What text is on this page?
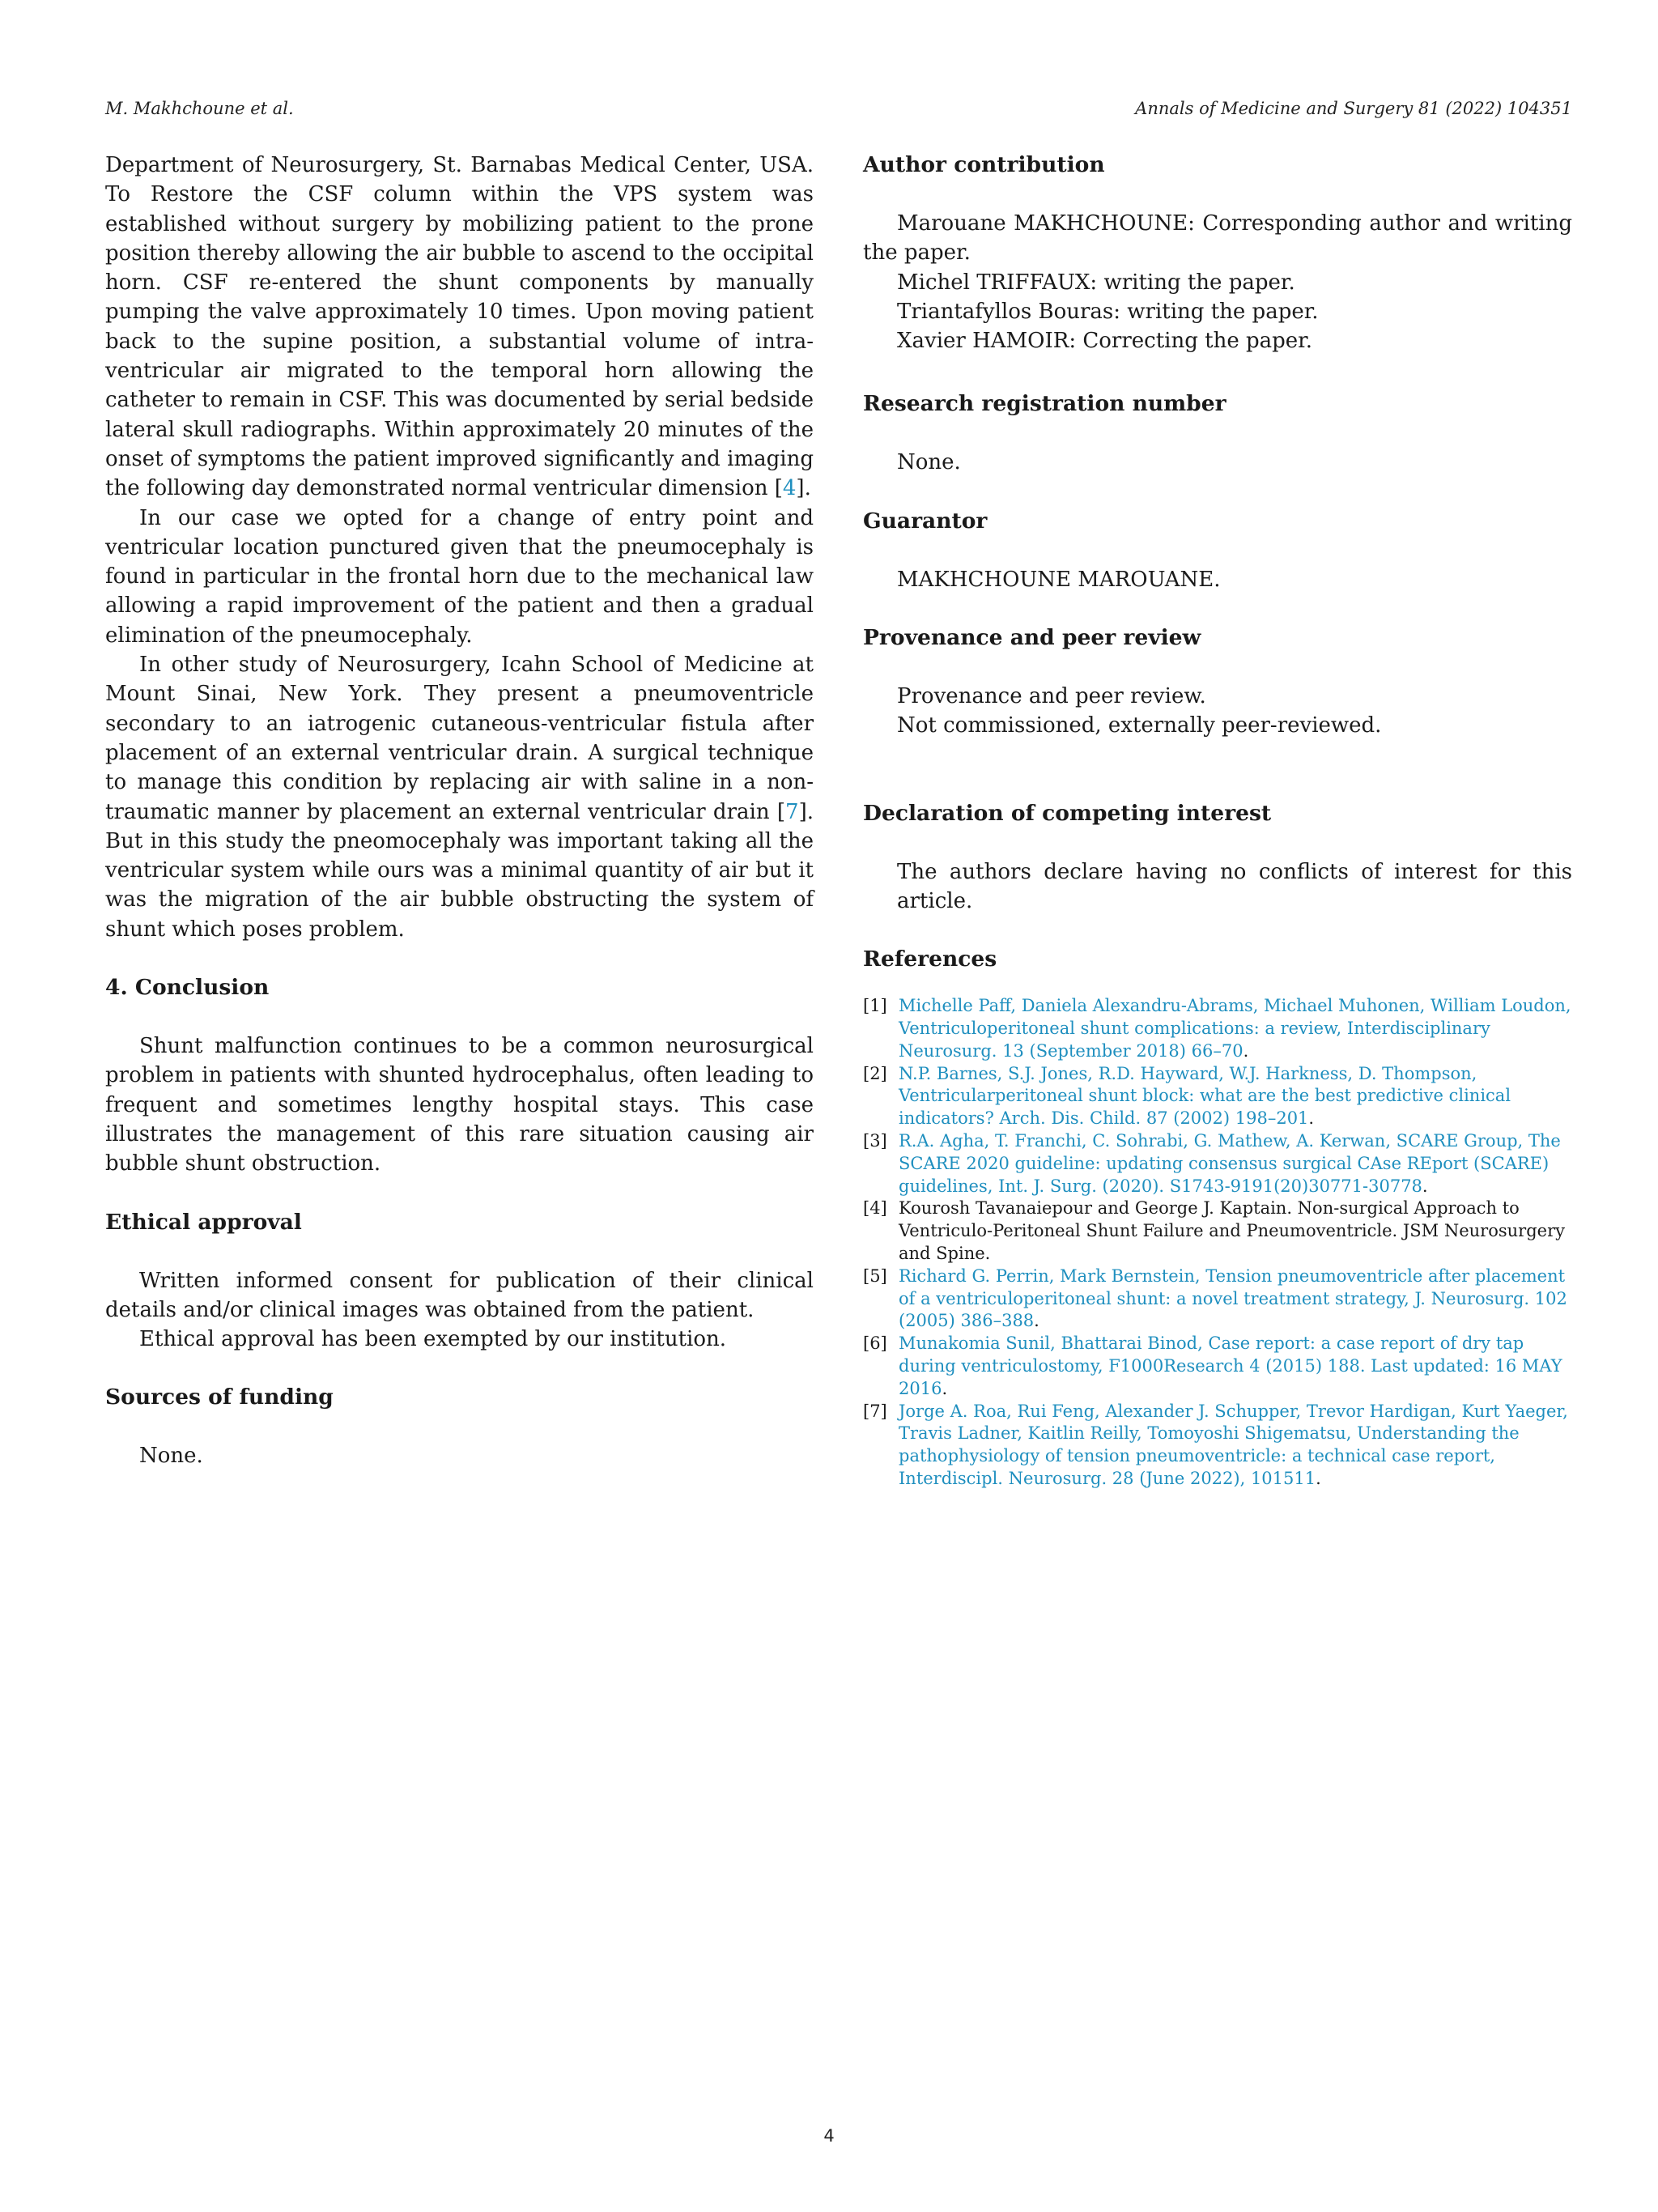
M. Makhchoune et al.	Annals of Medicine and Surgery 81 (2022) 104351

Department of Neurosurgery, St. Barnabas Medical Center, USA. To Restore the CSF column within the VPS system was established without surgery by mobilizing patient to the prone position thereby allowing the air bubble to ascend to the occipital horn. CSF re-entered the shunt components by manually pumping the valve approximately 10 times. Upon moving patient back to the supine position, a substantial volume of intra-ventricular air migrated to the temporal horn allowing the catheter to remain in CSF. This was documented by serial bedside lateral skull radiographs. Within approximately 20 minutes of the onset of symptoms the patient improved significantly and imaging the following day demonstrated normal ventricular dimension [4].

In our case we opted for a change of entry point and ventricular location punctured given that the pneumocephaly is found in particular in the frontal horn due to the mechanical law allowing a rapid improvement of the patient and then a gradual elimination of the pneumocephaly.

In other study of Neurosurgery, Icahn School of Medicine at Mount Sinai, New York. They present a pneumoventricle secondary to an iatrogenic cutaneous-ventricular fistula after placement of an external ventricular drain. A surgical technique to manage this condition by replacing air with saline in a non-traumatic manner by placement an external ventricular drain [7]. But in this study the pneomocephaly was important taking all the ventricular system while ours was a minimal quantity of air but it was the migration of the air bubble obstructing the system of shunt which poses problem.

4. Conclusion

Shunt malfunction continues to be a common neurosurgical problem in patients with shunted hydrocephalus, often leading to frequent and sometimes lengthy hospital stays. This case illustrates the management of this rare situation causing air bubble shunt obstruction.

Ethical approval

Written informed consent for publication of their clinical details and/or clinical images was obtained from the patient.

Ethical approval has been exempted by our institution.

Sources of funding

None.

Author contribution

Marouane MAKHCHOUNE: Corresponding author and writing the paper.

Michel TRIFFAUX: writing the paper.

Triantafyllos Bouras: writing the paper.

Xavier HAMOIR: Correcting the paper.

Research registration number

None.

Guarantor

MAKHCHOUNE MAROUANE.

Provenance and peer review

Provenance and peer review.

Not commissioned, externally peer-reviewed.

Declaration of competing interest

The authors declare having no conflicts of interest for this article.

References
[1] Michelle Paff, Daniela Alexandru-Abrams, Michael Muhonen, William Loudon, Ventriculoperitoneal shunt complications: a review, Interdisciplinary Neurosurg. 13 (September 2018) 66–70.
[2] N.P. Barnes, S.J. Jones, R.D. Hayward, W.J. Harkness, D. Thompson, Ventricularperitoneal shunt block: what are the best predictive clinical indicators? Arch. Dis. Child. 87 (2002) 198–201.
[3] R.A. Agha, T. Franchi, C. Sohrabi, G. Mathew, A. Kerwan, SCARE Group, The SCARE 2020 guideline: updating consensus surgical CAse REport (SCARE) guidelines, Int. J. Surg. (2020). S1743-9191(20)30771-30778.
[4] Kourosh Tavanaiepour and George J. Kaptain. Non-surgical Approach to Ventriculo-Peritoneal Shunt Failure and Pneumoventricle. JSM Neurosurgery and Spine.
[5] Richard G. Perrin, Mark Bernstein, Tension pneumoventricle after placement of a ventriculoperitoneal shunt: a novel treatment strategy, J. Neurosurg. 102 (2005) 386–388.
[6] Munakomia Sunil, Bhattarai Binod, Case report: a case report of dry tap during ventriculostomy, F1000Research 4 (2015) 188. Last updated: 16 MAY 2016.
[7] Jorge A. Roa, Rui Feng, Alexander J. Schupper, Trevor Hardigan, Kurt Yaeger, Travis Ladner, Kaitlin Reilly, Tomoyoshi Shigematsu, Understanding the pathophysiology of tension pneumoventricle: a technical case report, Interdiscipl. Neurosurg. 28 (June 2022), 101511.
4
